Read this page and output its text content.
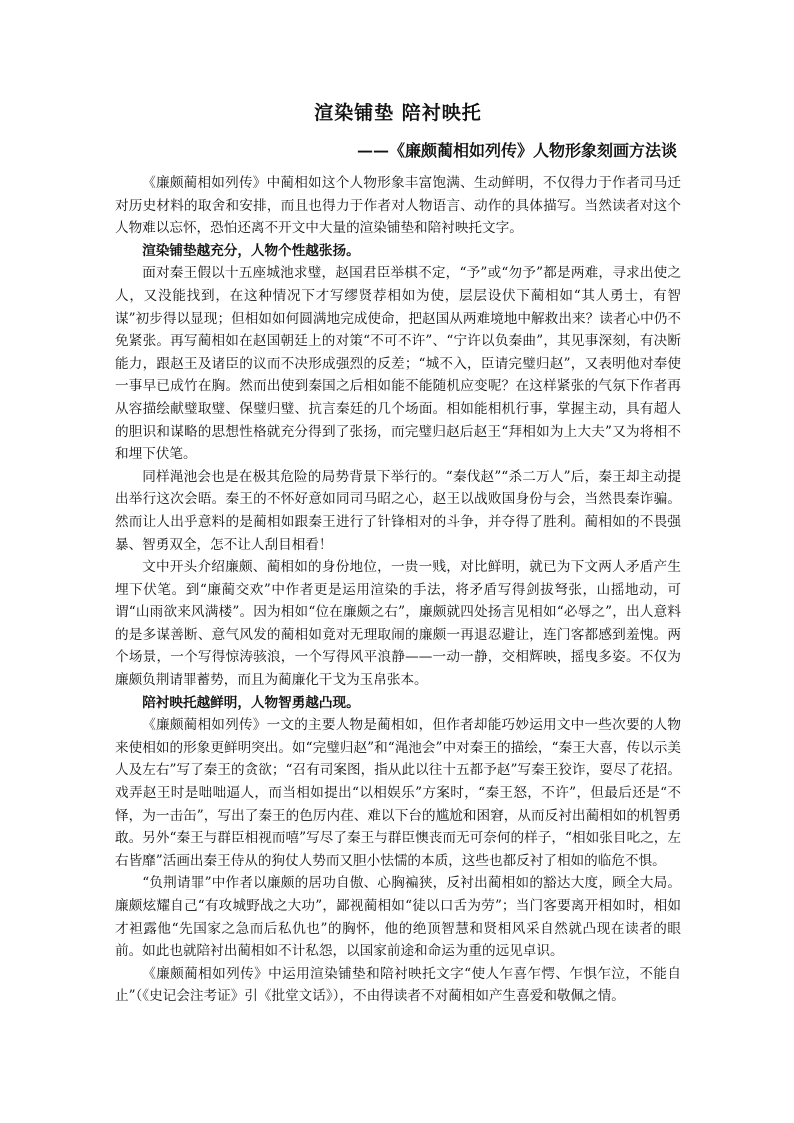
渲染铺垫 陪衬映托
——《廉颇蔺相如列传》人物形象刻画方法谈

《廉颇蔺相如列传》中蔺相如这个人物形象丰富饱满、生动鲜明，不仅得力于作者司马迁对历史材料的取舍和安排，而且也得力于作者对人物语言、动作的具体描写。当然读者对这个人物难以忘怀，恐怕还离不开文中大量的渲染铺垫和陪衬映托文字。

渲染铺垫越充分，人物个性越张扬。

面对秦王假以十五座城池求璧，赵国君臣举棋不定，“予”或“勿予”都是两难，寻求出使之人，又没能找到，在这种情况下才写缪贤荐相如为使，层层设伏下蔺相如“其人勇士，有智谋”初步得以显现；但相如如何圆满地完成使命，把赵国从两难境地中解救出来？读者心中仍不免紧张。再写蔺相如在赵国朝廷上的对策“不可不许”、“宁许以负秦曲”，其见事深刻，有决断能力，跟赵王及诸臣的议而不决形成强烈的反差；“城不入，臣请完璧归赵”，又表明他对奉使一事早已成竹在胸。然而出使到秦国之后相如能不能随机应变呢？在这样紧张的气氛下作者再从容描绘献璧取璧、保璧归璧、抗言秦廷的几个场面。相如能相机行事，掌握主动，具有超人的胆识和谋略的思想性格就充分得到了张扬，而完璧归赵后赵王“拜相如为上大夫”又为将相不和埋下伏笔。

同样渑池会也是在极其危险的局势背景下举行的。“秦伐赵”“杀二万人”后，秦王却主动提出举行这次会晤。秦王的不怀好意如同司马昭之心，赵王以战败国身份与会，当然畏秦诈骗。然而让人出乎意料的是蔺相如跟秦王进行了针锋相对的斗争，并夺得了胜利。蔺相如的不畏强暴、智勇双全，怎不让人刮目相看！

文中开头介绍廉颇、蔺相如的身份地位，一贵一贱，对比鲜明，就已为下文两人矛盾产生埋下伏笔。到“廉蔺交欢”中作者更是运用渲染的手法，将矛盾写得剑拔弩张，山摇地动，可谓“山雨欲来风满楼”。因为相如“位在廉颇之右”，廉颇就四处扬言见相如“必辱之”，出人意料的是多谋善断、意气风发的蔺相如竟对无理取闹的廉颇一再退忍避让，连门客都感到羞愧。两个场景，一个写得惊涛骇浪，一个写得风平浪静——一动一静，交相辉映，摇曳多姿。不仅为廉颇负荆请罪蓄势，而且为蔺廉化干戈为玉帛张本。

陪衬映托越鲜明，人物智勇越凸现。

《廉颇蔺相如列传》一文的主要人物是蔺相如，但作者却能巧妙运用文中一些次要的人物来使相如的形象更鲜明突出。如“完璧归赵”和“渑池会”中对秦王的描绘，“秦王大喜，传以示美人及左右”写了秦王的贪欲；“召有司案图，指从此以往十五都予赵”写秦王狡诈，耍尽了花招。戏弄赵王时是咄咄逼人，而当相如提出“以相娱乐”方案时，“秦王怒，不许”，但最后还是“不怿，为一击缶”，写出了秦王的色厉内荏、难以下台的尴尬和困窘，从而反衬出蔺相如的机智勇敢。另外“秦王与群臣相视而嘻”写尽了秦王与群臣懊丧而无可奈何的样子，“相如张目叱之，左右皆靡”活画出秦王侍从的狗仗人势而又胆小怯懦的本质，这些也都反衬了相如的临危不惧。

“负荆请罪”中作者以廉颇的居功自傲、心胸褊狭，反衬出蔺相如的豁达大度，顾全大局。廉颇炫耀自己“有攻城野战之大功”，鄙视蔺相如“徒以口舌为劳”；当门客要离开相如时，相如才袒露他“先国家之急而后私仇也”的胸怀，他的绝顶智慧和贤相风采自然就凸现在读者的眼前。如此也就陪衬出蔺相如不计私怨，以国家前途和命运为重的远见卓识。

《廉颇蔺相如列传》中运用渲染铺垫和陪衬映托文字“使人乍喜乍愕、乍惧乍泣，不能自止”（《史记会注考证》引《批堂文话》），不由得读者不对蔺相如产生喜爱和敬佩之情。
